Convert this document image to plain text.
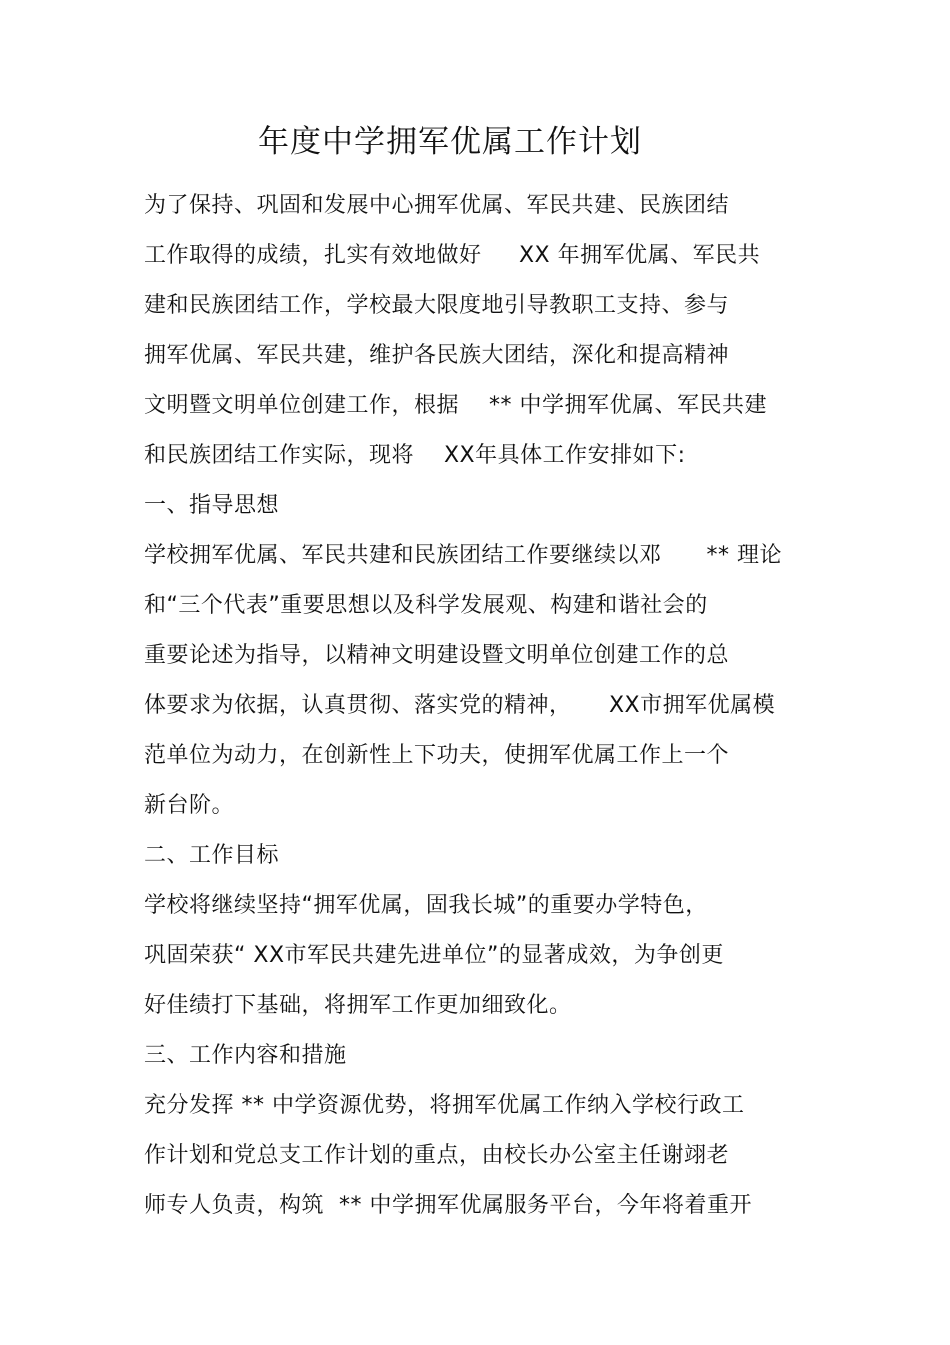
年度中学拥军优属工作计划
为了保持、巩固和发展中心拥军优属、军民共建、民族团结
工作取得的成绩，扎实有效地做好     XX 年拥军优属、军民共
建和民族团结工作，学校最大限度地引导教职工支持、参与
拥军优属、军民共建，维护各民族大团结，深化和提高精神
文明暨文明单位创建工作，根据    ** 中学拥军优属、军民共建
和民族团结工作实际，现将    XX年具体工作安排如下:
一、指导思想
学校拥军优属、军民共建和民族团结工作要继续以邓      ** 理论
和“三个代表”重要思想以及科学发展观、构建和谐社会的
重要论述为指导，以精神文明建设暨文明单位创建工作的总
体要求为依据，认真贯彻、落实党的精神，     XX市拥军优属模
范单位为动力，在创新性上下功夫，使拥军优属工作上一个
新台阶。
二、工作目标
学校将继续坚持“拥军优属，固我长城”的重要办学特色，
巩固荣获“ XX市军民共建先进单位”的显著成效，为争创更
好佳绩打下基础，将拥军工作更加细致化。
三、工作内容和措施
充分发挥 ** 中学资源优势，将拥军优属工作纳入学校行政工
作计划和党总支工作计划的重点，由校长办公室主任谢翊老
师专人负责，构筑  ** 中学拥军优属服务平台，今年将着重开
